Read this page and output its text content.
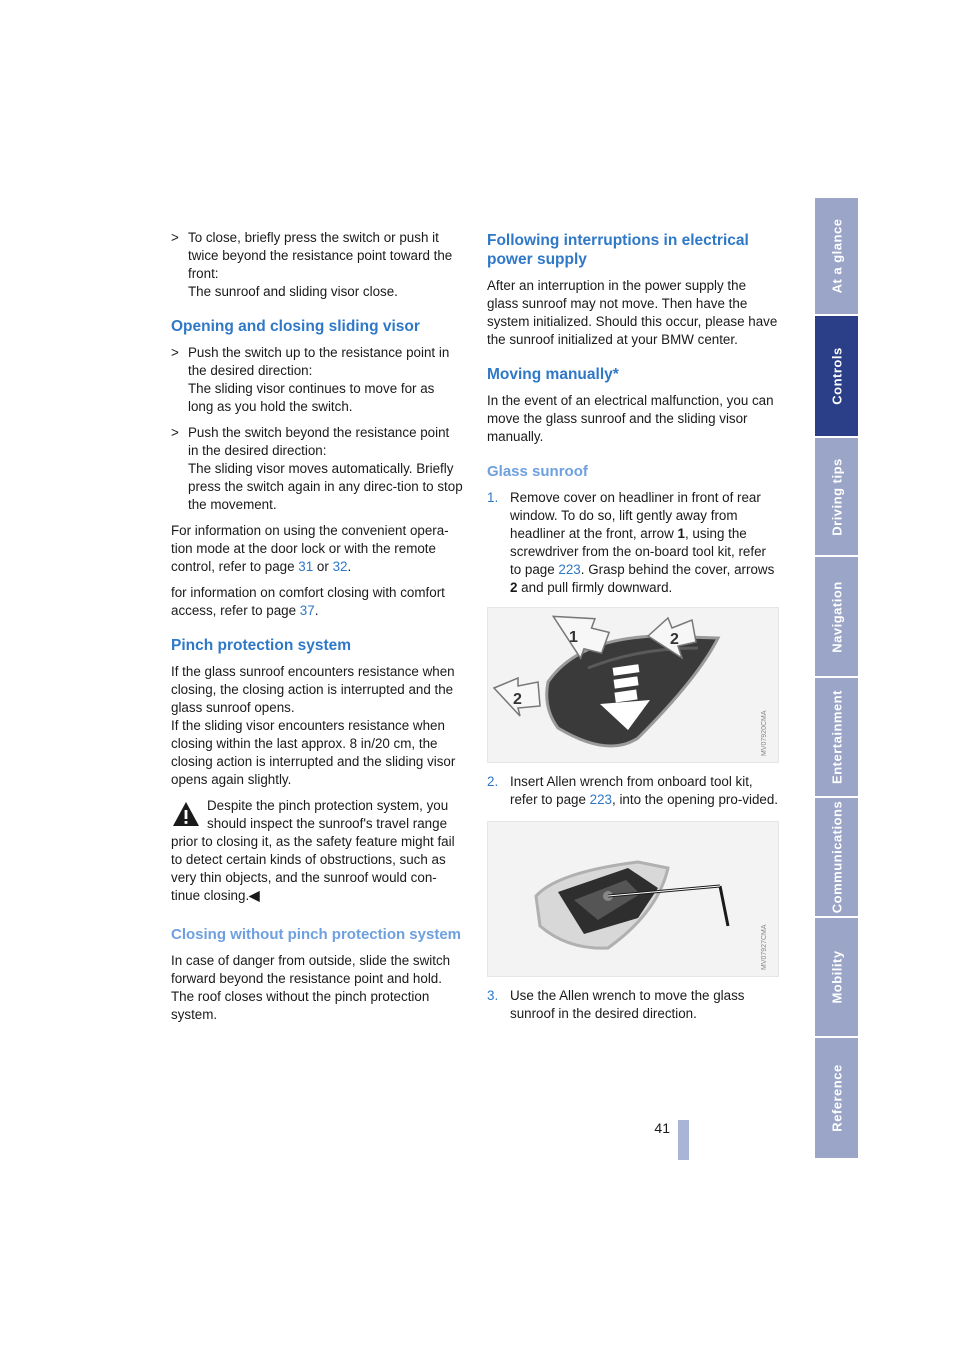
> To close, briefly press the switch or push it twice beyond the resistance point toward the front:
The sunroof and sliding visor close.
Opening and closing sliding visor
> Push the switch up to the resistance point in the desired direction:
The sliding visor continues to move for as long as you hold the switch.
> Push the switch beyond the resistance point in the desired direction:
The sliding visor moves automatically. Briefly press the switch again in any direc-tion to stop the movement.

For information on using the convenient opera-tion mode at the door lock or with the remote control, refer to page 31 or 32.

for information on comfort closing with comfort access, refer to page 37.

Pinch protection system

If the glass sunroof encounters resistance when closing, the closing action is interrupted and the glass sunroof opens.
If the sliding visor encounters resistance when closing within the last approx. 8 in/20 cm, the closing action is interrupted and the sliding visor opens again slightly.

Despite the pinch protection system, you should inspect the sunroof's travel range prior to closing it, as the safety feature might fail to detect certain kinds of obstructions, such as very thin objects, and the sunroof would con-tinue closing.◀
Closing without pinch protection system

In case of danger from outside, slide the switch forward beyond the resistance point and hold. The roof closes without the pinch protection system.

Following interruptions in electrical power supply

After an interruption in the power supply the glass sunroof may not move. Then have the system initialized. Should this occur, please have the sunroof initialized at your BMW center.

Moving manually*

In the event of an electrical malfunction, you can move the glass sunroof and the sliding visor manually.

Glass sunroof
1. Remove cover on headliner in front of rear window. To do so, lift gently away from headliner at the front, arrow 1, using the screwdriver from the on-board tool kit, refer to page 223. Grasp behind the cover, arrows 2 and pull firmly downward.
1	2
2
MV07920CMA
2. Insert Allen wrench from onboard tool kit, refer to page 223, into the opening pro-vided.
MV07927CMA
3. Use the Allen wrench to move the glass sunroof in the desired direction.
At a glance
Controls
Driving tips
Navigation
Entertainment
Communications
Mobility
Reference
41
